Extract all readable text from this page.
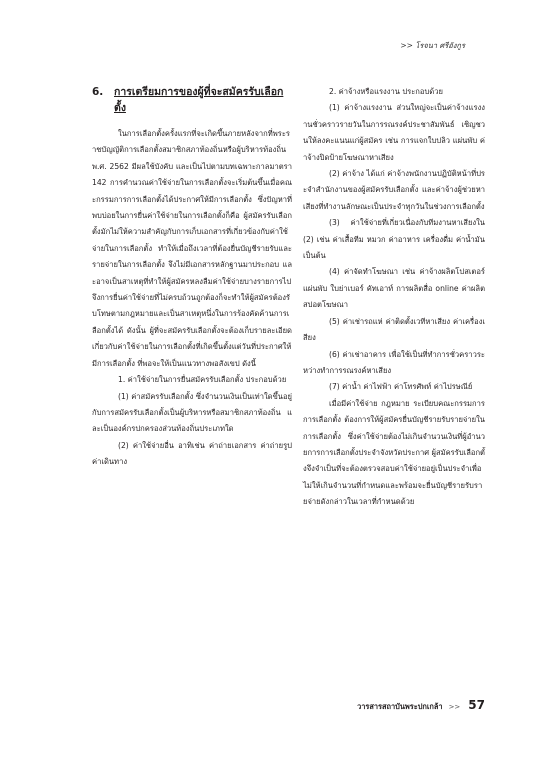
>> โรจนา ศรีอังกูร
6.	การเตรียมการของผู้ที่จะสมัครรับเลือกตั้ง

ในการเลือกตั้งครั้งแรกที่จะเกิดขึ้นภายหลังจากที่พระราชบัญญัติการเลือกตั้งสมาชิกสภาท้องถิ่นหรือผู้บริหารท้องถิ่น พ.ศ. 2562 มีผลใช้บังคับ และเป็นไปตามบทเฉพาะกาลมาตรา 142 การคำนวณค่าใช้จ่ายในการเลือกตั้งจะเริ่มต้นขึ้นเมื่อคณะกรรมการการเลือกตั้งได้ประกาศให้มีการเลือกตั้ง ซึ่งปัญหาที่พบบ่อยในการยื่นค่าใช้จ่ายในการเลือกตั้งก็คือ ผู้สมัครรับเลือกตั้งมักไม่ให้ความสำคัญกับการเก็บเอกสารที่เกี่ยวข้องกับค่าใช้จ่ายในการเลือกตั้ง ทำให้เมื่อถึงเวลาที่ต้องยื่นบัญชีรายรับและรายจ่ายในการเลือกตั้ง จึงไม่มีเอกสารหลักฐานมาประกอบ และอาจเป็นสาเหตุที่ทำให้ผู้สมัครหลงลืมค่าใช้จ่ายบางรายการไป จึงการยื่นค่าใช้จ่ายที่ไม่ครบถ้วนถูกต้องก็จะทำให้ผู้สมัครต้องรับโทษตามกฎหมายและเป็นสาเหตุหนึ่งในการร้องคัดค้านการเลือกตั้งได้ ดังนั้น ผู้ที่จะสมัครรับเลือกตั้งจะต้องเก็บรายละเอียดเกี่ยวกับค่าใช้จ่ายในการเลือกตั้งที่เกิดขึ้นตั้งแต่วันที่ประกาศให้มีการเลือกตั้ง ที่พอจะให้เป็นแนวทางพอสังเขป ดังนี้

1. ค่าใช้จ่ายในการยื่นสมัครรับเลือกตั้ง ประกอบด้วย

(1) ค่าสมัครรับเลือกตั้ง ซึ่งจำนวนเงินเป็นเท่าใดขึ้นอยู่กับการสมัครรับเลือกตั้งเป็นผู้บริหารหรือสมาชิกสภาท้องถิ่น และเป็นองค์กรปกครองส่วนท้องถิ่นประเภทใด

(2) ค่าใช้จ่ายอื่น อาทิเช่น ค่าถ่ายเอกสาร ค่าถ่ายรูป ค่าเดินทาง

2. ค่าจ้างหรือแรงงาน ประกอบด้วย

(1) ค่าจ้างแรงงาน ส่วนใหญ่จะเป็นค่าจ้างแรงงานชั่วคราวรายวันในการรณรงค์ประชาสัมพันธ์ เชิญชวนให้ลงคะแนนแก่ผู้สมัคร เช่น การแจกใบปลิว แผ่นพับ ค่าจ้างปิดป้ายโฆษณาหาเสียง

(2) ค่าจ้าง ได้แก่ ค่าจ้างพนักงานปฏิบัติหน้าที่ประจำสำนักงานของผู้สมัครรับเลือกตั้ง และค่าจ้างผู้ช่วยหาเสียงที่ทำงานลักษณะเป็นประจำทุกวันในช่วงการเลือกตั้ง

(3) ค่าใช้จ่ายที่เกี่ยวเนื่องกับทีมงานหาเสียงใน (2) เช่น ค่าเสื้อทีม หมวก ค่าอาหาร เครื่องดื่ม ค่าน้ำมัน เป็นต้น

(4) ค่าจัดทำโฆษณา เช่น ค่าจ้างผลิตโปสเตอร์ แผ่นพับ ใบย่าเบอร์ คัทเอาท์ การผลิตสื่อ online ค่าผลิตสปอตโฆษณา

(5) ค่าเช่ารถแห่ ค่าติดตั้งเวทีหาเสียง ค่าเครื่องเสียง

(6) ค่าเช่าอาคาร เพื่อใช้เป็นที่ทำการชั่วคราวระหว่างทำการรณรงค์หาเสียง

(7) ค่าน้ำ ค่าไฟฟ้า ค่าโทรศัพท์ ค่าไปรษณีย์

เมื่อมีค่าใช้จ่าย กฎหมาย ระเบียบคณะกรรมการการเลือกตั้ง ต้องการให้ผู้สมัครยื่นบัญชีรายรับรายจ่ายในการเลือกตั้ง ซึ่งค่าใช้จ่ายต้องไม่เกินจำนวนเงินที่ผู้อำนวยการการเลือกตั้งประจำจังหวัดประกาศ ผู้สมัครรับเลือกตั้งจึงจำเป็นที่จะต้องตรวจสอบค่าใช้จ่ายอยู่เป็นประจำเพื่อไม่ให้เกินจำนวนที่กำหนดและพร้อมจะยื่นบัญชีรายรับรายจ่ายดังกล่าวในเวลาที่กำหนดด้วย

วารสารสถาบันพระปกเกล้า >> 57
